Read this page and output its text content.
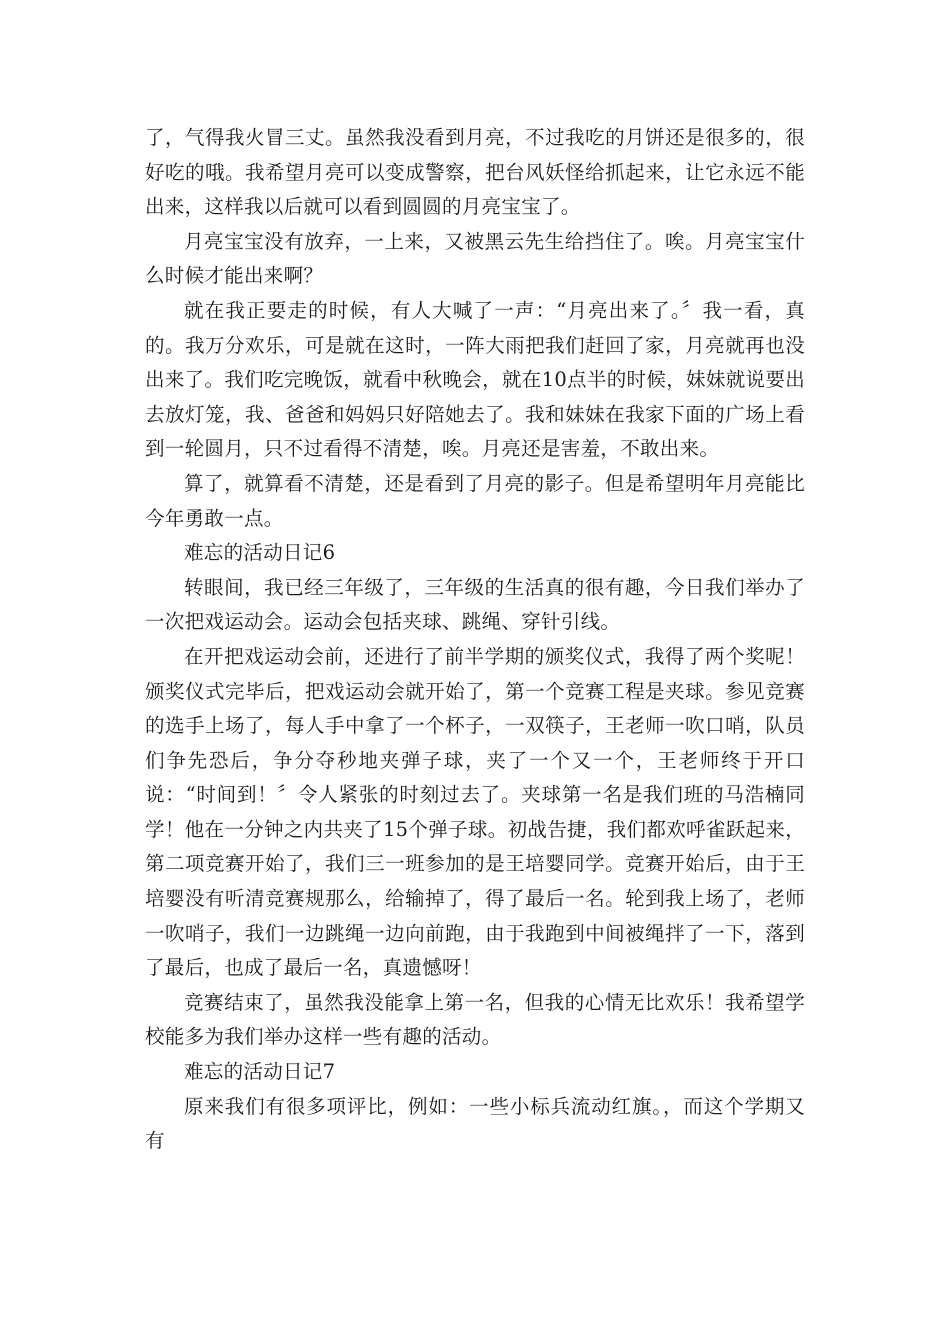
了，气得我火冒三丈。虽然我没看到月亮，不过我吃的月饼还是很多的，很好吃的哦。我希望月亮可以变成警察，把台风妖怪给抓起来，让它永远不能出来，这样我以后就可以看到圆圆的月亮宝宝了。

月亮宝宝没有放弃，一上来，又被黑云先生给挡住了。唉。月亮宝宝什么时候才能出来啊？

就在我正要走的时候，有人大喊了一声：“月亮出来了。〞我一看，真的。我万分欢乐，可是就在这时，一阵大雨把我们赶回了家，月亮就再也没出来了。我们吃完晚饭，就看中秋晚会，就在10点半的时候，妹妹就说要出去放灯笼，我、爸爸和妈妈只好陪她去了。我和妹妹在我家下面的广场上看到一轮圆月，只不过看得不清楚，唉。月亮还是害羞，不敢出来。

算了，就算看不清楚，还是看到了月亮的影子。但是希望明年月亮能比今年勇敢一点。

难忘的活动日记6

转眼间，我已经三年级了，三年级的生活真的很有趣，今日我们举办了一次把戏运动会。运动会包括夹球、跳绳、穿针引线。

在开把戏运动会前，还进行了前半学期的颁奖仪式，我得了两个奖呢！颁奖仪式完毕后，把戏运动会就开始了，第一个竞赛工程是夹球。参见竞赛的选手上场了，每人手中拿了一个杯子，一双筷子，王老师一吹口哨，队员们争先恐后，争分夺秒地夹弹子球，夹了一个又一个，王老师终于开口说：“时间到！〞令人紧张的时刻过去了。夹球第一名是我们班的马浩楠同学！他在一分钟之内共夹了15个弹子球。初战告捷，我们都欢呼雀跃起来，第二项竞赛开始了，我们三一班参加的是王培婴同学。竞赛开始后，由于王培婴没有听清竞赛规那么，给输掉了，得了最后一名。轮到我上场了，老师一吹哨子，我们一边跳绳一边向前跑，由于我跑到中间被绳拌了一下，落到了最后，也成了最后一名，真遗憾呀！

竞赛结束了，虽然我没能拿上第一名，但我的心情无比欢乐！我希望学校能多为我们举办这样一些有趣的活动。

难忘的活动日记7

原来我们有很多项评比，例如：一些小标兵流动红旗。，而这个学期又有
